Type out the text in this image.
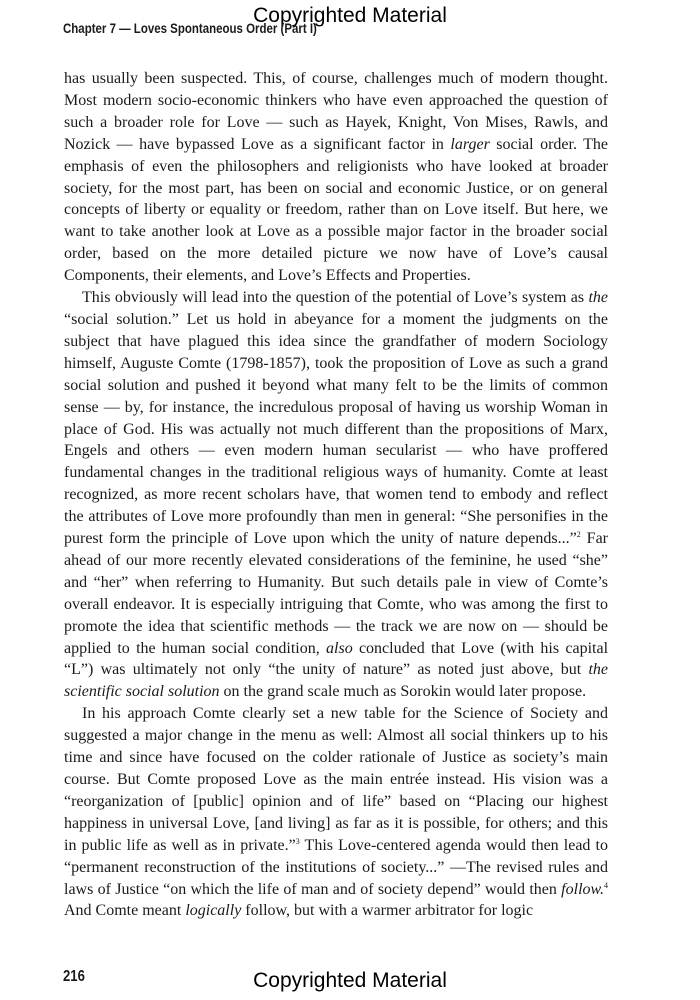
Copyrighted Material
Chapter 7 — Loves Spontaneous Order (Part I)

has usually been suspected. This, of course, challenges much of modern thought. Most modern socio-economic thinkers who have even approached the question of such a broader role for Love — such as Hayek, Knight, Von Mises, Rawls, and Nozick — have bypassed Love as a significant factor in larger social order. The emphasis of even the philosophers and religionists who have looked at broader society, for the most part, has been on social and economic Justice, or on general concepts of liberty or equality or freedom, rather than on Love itself. But here, we want to take another look at Love as a possible major factor in the broader social order, based on the more detailed picture we now have of Love’s causal Components, their elements, and Love’s Effects and Properties.

This obviously will lead into the question of the potential of Love’s system as the “social solution.” Let us hold in abeyance for a moment the judgments on the subject that have plagued this idea since the grandfather of modern Sociology himself, Auguste Comte (1798-1857), took the proposition of Love as such a grand social solution and pushed it beyond what many felt to be the limits of common sense — by, for instance, the incredulous proposal of having us worship Woman in place of God. His was actually not much different than the propositions of Marx, Engels and others — even modern human secularist — who have proffered fundamental changes in the traditional religious ways of humanity. Comte at least recognized, as more recent scholars have, that women tend to embody and reflect the attributes of Love more profoundly than men in general: “She personifies in the purest form the principle of Love upon which the unity of nature depends...”$^2$ Far ahead of our more recently elevated considerations of the feminine, he used “she” and “her” when referring to Humanity. But such details pale in view of Comte’s overall endeavor. It is especially intriguing that Comte, who was among the first to promote the idea that scientific methods — the track we are now on — should be applied to the human social condition, also concluded that Love (with his capital “L”) was ultimately not only “the unity of nature” as noted just above, but the scientific social solution on the grand scale much as Sorokin would later propose.

In his approach Comte clearly set a new table for the Science of Society and suggested a major change in the menu as well: Almost all social thinkers up to his time and since have focused on the colder rationale of Justice as society’s main course. But Comte proposed Love as the main entrée instead. His vision was a “reorganization of [public] opinion and of life” based on “Placing our highest happiness in universal Love, [and living] as far as it is possible, for others; and this in public life as well as in private.”$^3$ This Love-centered agenda would then lead to “permanent reconstruction of the institutions of society...” —The revised rules and laws of Justice “on which the life of man and of society depend” would then follow.$^4$ And Comte meant logically follow, but with a warmer arbitrator for logic

216	Copyrighted Material
